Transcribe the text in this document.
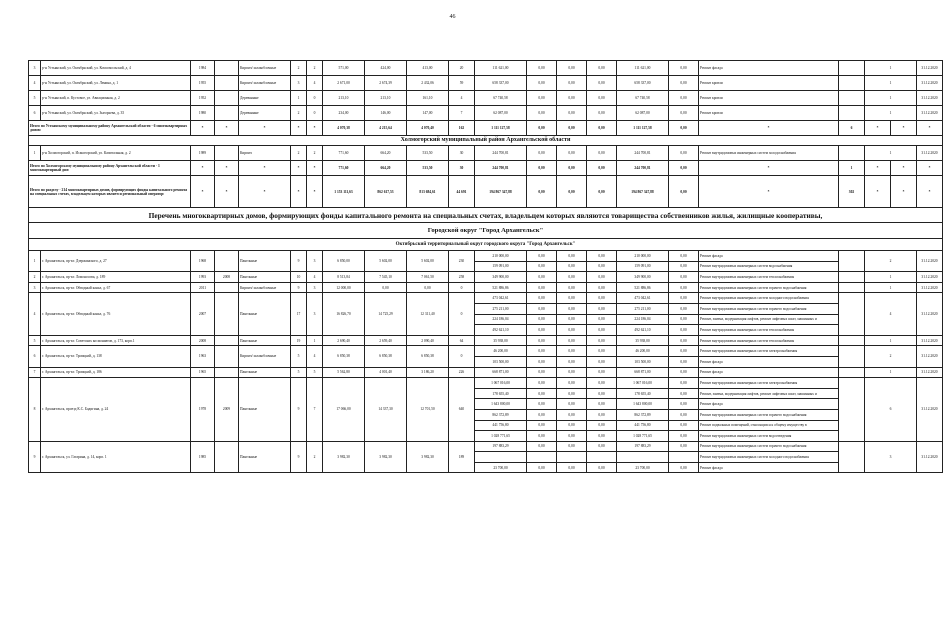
46
3	р-н Устьянский, ул. Октябрьский, ул. Комсомольский, д. 4	1984		Кирпич/ шлакоблочные	2	2	571,00	424,00	413,00	20	111 621,00	0,00	0,00	0,00	111 621,00	0,00	Ремонт фасада		1		31.12.2020
4	р-н Устьянский, ул. Октябрьский, ул. Ленина, д. 1	1955		Кирпич/ шлакоблочные	3	4	2 671,00	2 674,39	2 432,06	59	658 337,00	0,00	0,00	0,00	658 337,00	0,00	Ремонт кровли		1		31.12.2020
5	р-н Устьянский, п. Кустовое, ул. Авиационная, д. 2	1952		Деревянные	1	0	213,10	213,10	161,10	4	67 740,58	0,00	0,00	0,00	67 740,58	0,00	Ремонт кровли		1		31.12.2020
6	р-н Устьянский, ул. Октябрьский, ул. Зыгорьева, д. 35	1980		Деревянные	2	0	234,00	146,00	147,00	7	62 087,00	0,00	0,00	0,00	62 087,00	0,00	Ремонт кровли		1		31.12.2020
Итого по Устьянскому муниципальному району Архангельской области - 6 многоквартирных домов:		*	*	*	*	*	4 070,38	4 215,64	4 070,40	162	1 111 127,58	0,00	0,00	0,00	1 111 127,58	0,00	*	6	*	*	*
Холмогорский муниципальный район Архангельской области																					
1	р-н Холмогорский, п. Исакогорский, ул. Капитальная, д. 2	1989		Кирпич	2	2	771,60	664,20	533,50	30	244 700,81	0,00	0,00	0,00	244 700,81	0,00	Ремонт внутридомовых инженерных систем холодоснабжения		1		31.12.2020
Итого по Холмогорскому муниципальному району Архангельской области - 1 многоквартирный дом:		*	*	*	*	*	771,60	664,20	533,50	30	244 700,81	0,00	0,00	0,00	244 700,81	0,00	*	1	*	*	*
Итого по разделу - 214 многоквартирных домов, формирующих фонды капитального ремонта на специальных счетах, владельцем которых является региональный оператор:		*	*	*	*	*	1 153 111,63	862 617,53	813 684,61	44 691	194 867 347,88	0,00	0,00	0,00	194 867 347,88	0,00	*	302	*	*	*
Перечень многоквартирных домов, формирующих фонды капитального ремонта на специальных счетах, владельцем которых являются товарищества собственников жилья, жилищные кооперативы,																					
Городской округ "Город Архангельск"																					
Октябрьский территориальный округ городского округа "Город Архангельск"																					
1	г. Архангельск, пр-кт. Дзержинского, д. 27	1968		Панельные	9	3	6 850,00	5 602,00	5 602,00	230	210 000,00	0,00	0,00	0,00	210 000,00	0,00	Ремонт фасада		2		31.12.2020
											159 091,00	0,00	0,00	0,00	159 091,00	0,00	Ремонт внутридомовых инженерных систем водоснабжения				
2	г. Архангельск, пр-кт. Ломоносова, д. 189	1993	2008	Панельные	10	4	8 513,84	7 545,10	7 061,50	258	349 900,00	0,00	0,00	0,00	349 900,00	0,00	Ремонт внутридомовых инженерных систем теплоснабжения		1		31.12.2020
3	г. Архангельск, пр-кт. Обводный канал, д. 67	2011		Кирпич/ шлакоблочные	9	3	12 000,00	0,00	0,00	0	521 886,86	0,00	0,00	0,00	521 886,86	0,00	Ремонт внутридомовых инженерных систем горячего водоснабжения		1		31.12.2020
4	г. Архангельск, пр-кт. Обводный канал, д. 76	2007		Панельные	17	3	16 826,70	14 725,29	12 311,40	0	473 042,61	0,00	0,00	0,00	473 042,61	0,00	Ремонт внутридомовых инженерных систем холодного водоснабжения		4		31.12.2020
											275 211,00	0,00	0,00	0,00	275 211,00	0,00	Ремонт внутридомовых инженерных систем горячего водоснабжения				
											224 186,04	0,00	0,00	0,00	224 186,04	0,00	Ремонт, замена, модернизация лифтов, ремонт лифтовых шахт, машинных и				
											492 621,10	0,00	0,00	0,00	492 621,10	0,00	Ремонт внутридомовых инженерных систем теплоснабжения				
5	г. Архангельск, пр-кт. Советских космонавтов, д. 173, корп.1	2008		Панельные	19	1	2 690,40	2 659,40	2 090,40	64	35 938,00	0,00	0,00	0,00	35 938,00	0,00	Ремонт внутридомовых инженерных систем теплоснабжения		1		31.12.2020
6	г. Архангельск, пр-кт. Троицкий, д. 138	1963		Кирпич/ шлакоблочные	5	4	6 850,38	6 850,38	6 850,38	0	46 200,00	0,00	0,00	0,00	46 200,00	0,00	Ремонт внутридомовых инженерных систем электроснабжения		2		31.12.2020
											103 500,00	0,00	0,00	0,00	103 500,00	0,00	Ремонт фасада				
7	г. Архангельск, пр-кт. Троицкий, д. 186	1965		Панельные	5	5	5 562,80	4 001,40	3 186,20	226	668 871,00	0,00	0,00	0,00	668 871,00	0,00	Ремонт фасада		1		31.12.2020
8	г. Архангельск, проезд К.С. Бадигина, д. 24	1978	2009	Панельные	9	7	17 066,00	14 337,30	12 701,50	640	1 067 016,00	0,00	0,00	0,00	1 067 016,00	0,00	Ремонт внутридомовых инженерных систем электроснабжения		6		31.12.2020
											178 655,40	0,00	0,00	0,00	178 655,40	0,00	Ремонт, замена, модернизация лифтов, ремонт лифтовых шахт, машинных и				
											1 643 800,00	0,00	0,00	0,00	1 643 800,00	0,00	Ремонт фасада				
											862 372,89	0,00	0,00	0,00	862 372,89	0,00	Ремонт внутридомовых инженерных систем горячего водоснабжения				
											441 756,80	0,00	0,00	0,00	441 756,80	0,00	Ремонт подвальных помещений, относящихся к общему имуществу в				
											1 028 771,65	0,00	0,00	0,00	1 028 771,65	0,00	Ремонт внутридомовых инженерных систем водоотведения				
9	г. Архангельск, ул. Гагарина, д. 14, корп. 1	1985		Панельные	9	2	3 982,30	3 982,30	3 982,30	189	197 883,29	0,00	0,00	0,00	197 883,29	0,00	Ремонт внутридомовых инженерных систем горячего водоснабжения		3		31.12.2020
																	Ремонт внутридомовых инженерных систем холодного водоснабжения				
											23 700,00	0,00	0,00	0,00	23 700,00	0,00	Ремонт фасада				
